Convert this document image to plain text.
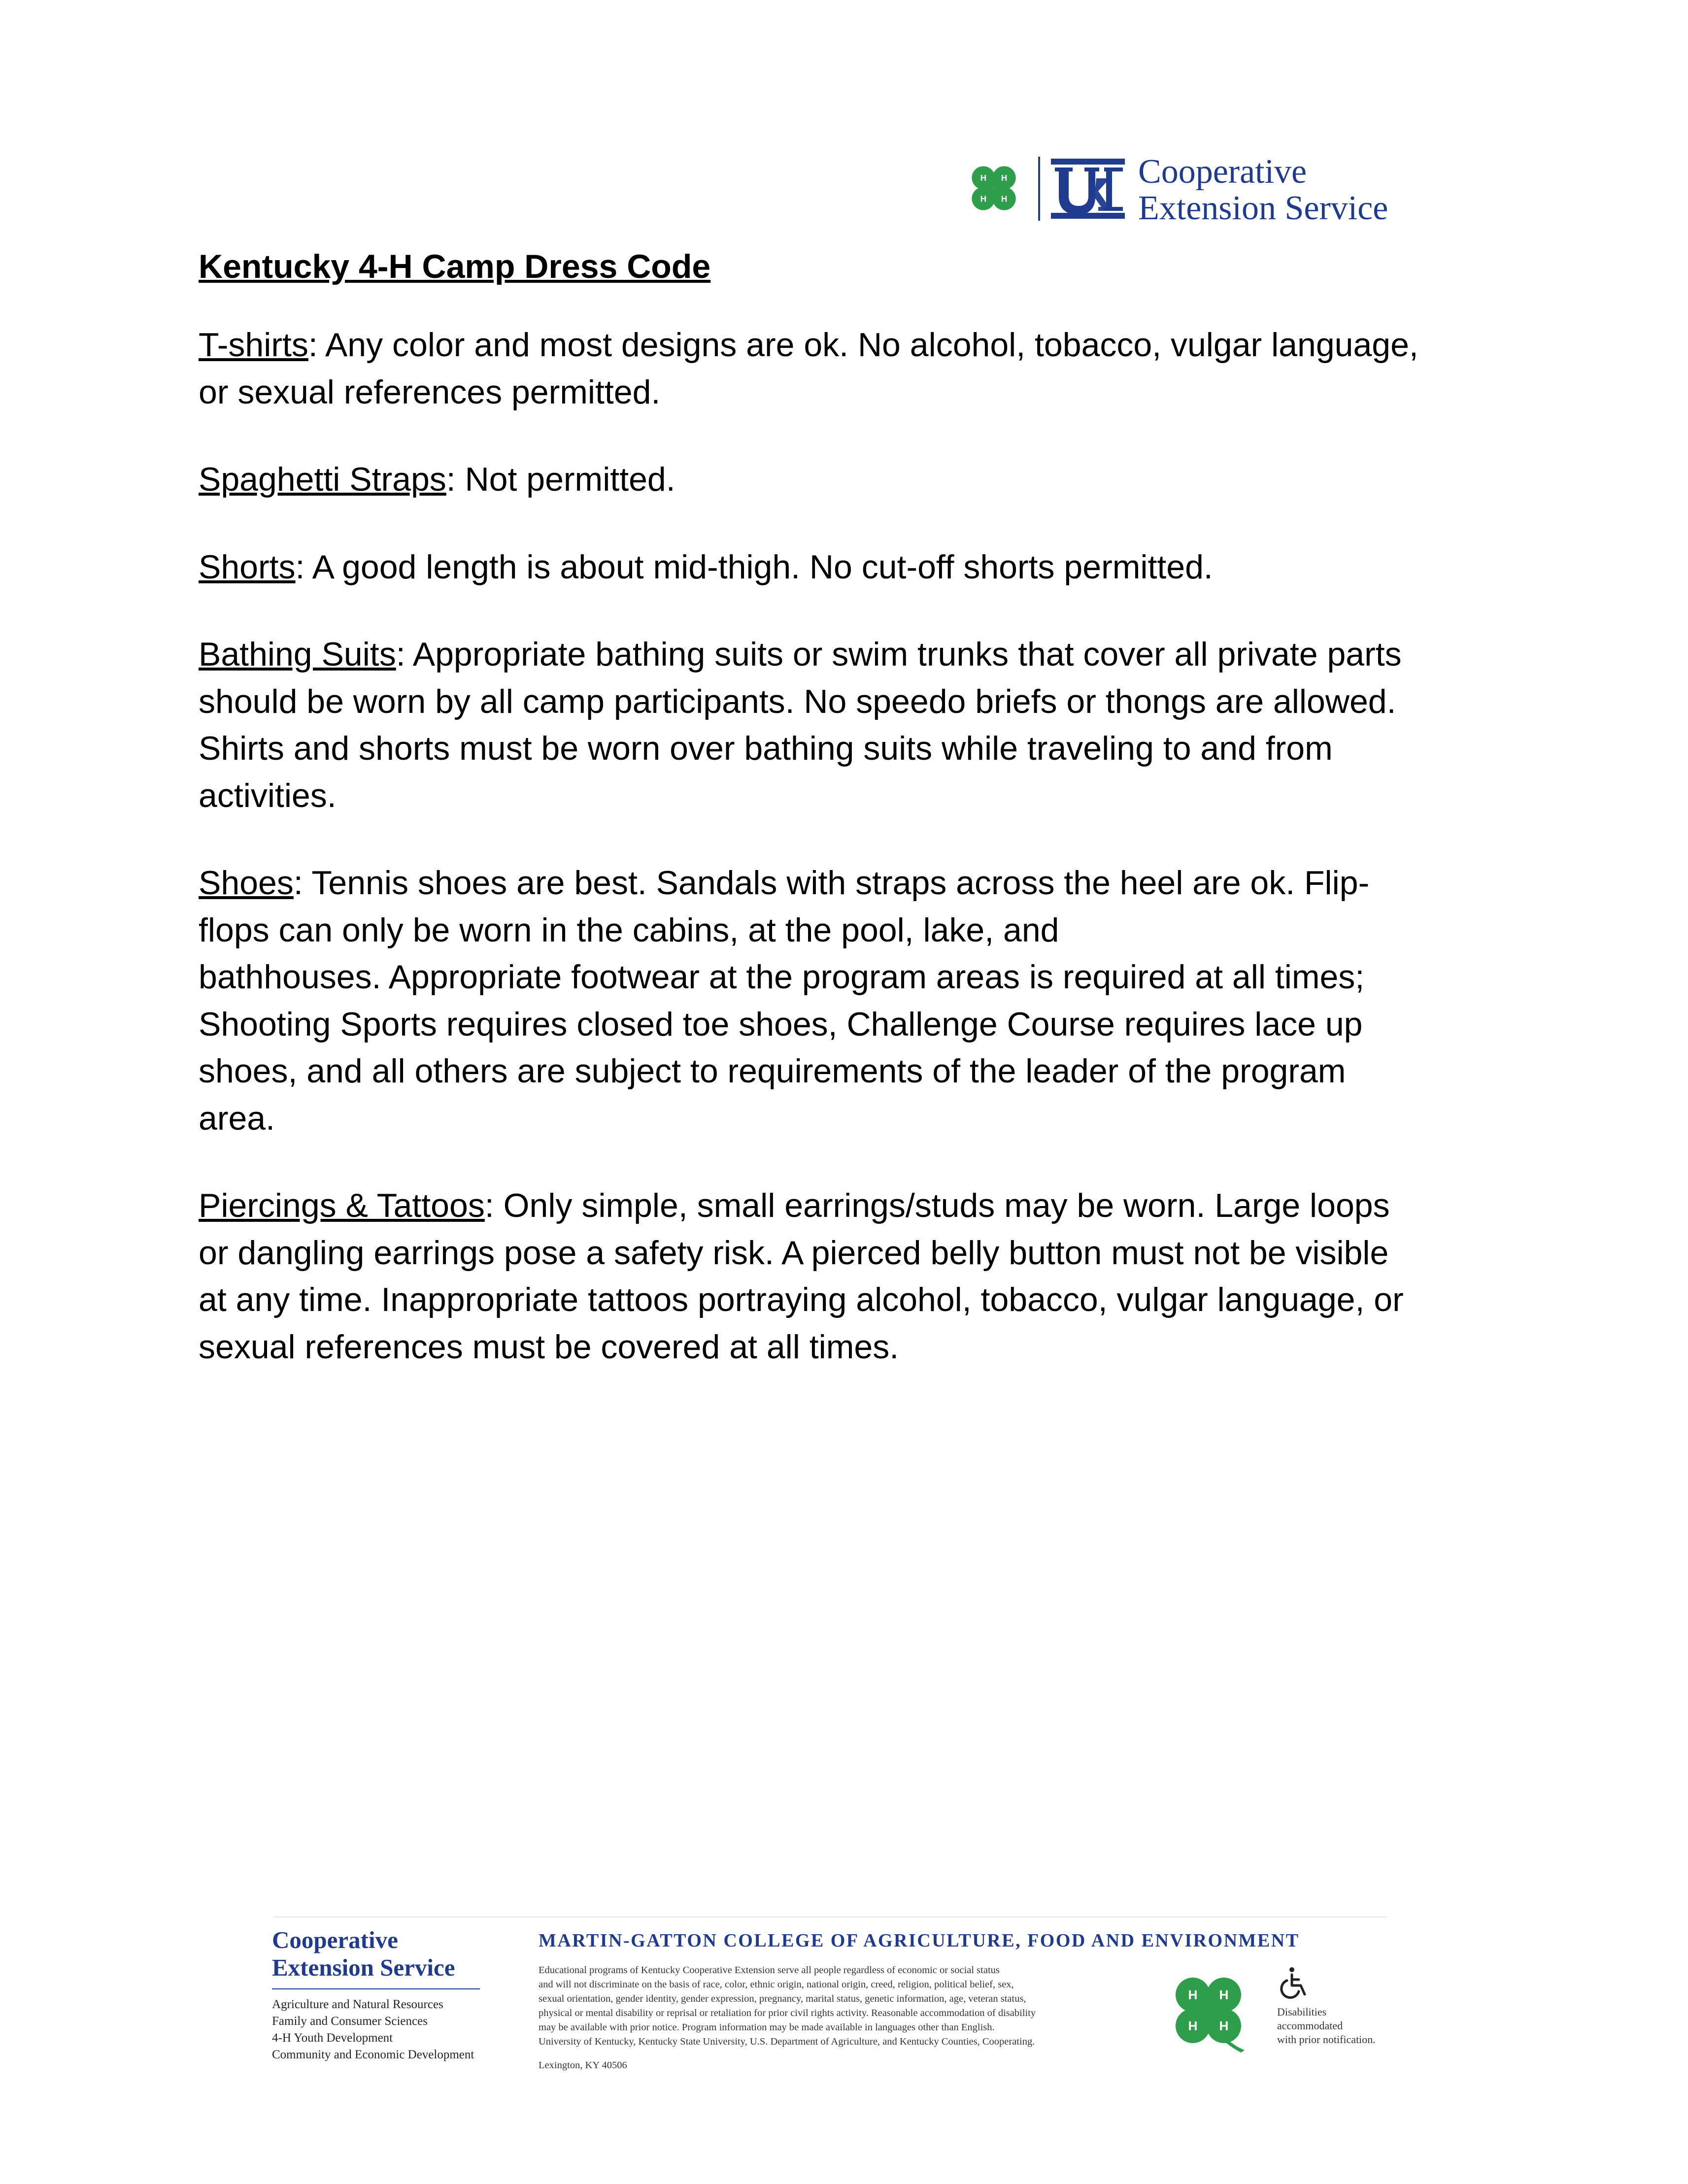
H H
H H
Cooperative
Extension Service
Kentucky 4-H Camp Dress Code
T-shirts: Any color and most designs are ok. No alcohol, tobacco, vulgar language,
or sexual references permitted.
Spaghetti Straps: Not permitted.
Shorts: A good length is about mid-thigh. No cut-off shorts permitted.
Bathing Suits: Appropriate bathing suits or swim trunks that cover all private parts
should be worn by all camp participants. No speedo briefs or thongs are allowed.
Shirts and shorts must be worn over bathing suits while traveling to and from
activities.
Shoes: Tennis shoes are best. Sandals with straps across the heel are ok. Flip-
flops can only be worn in the cabins, at the pool, lake, and
bathhouses. Appropriate footwear at the program areas is required at all times;
Shooting Sports requires closed toe shoes, Challenge Course requires lace up
shoes, and all others are subject to requirements of the leader of the program
area.
Piercings & Tattoos: Only simple, small earrings/studs may be worn. Large loops
or dangling earrings pose a safety risk. A pierced belly button must not be visible
at any time. Inappropriate tattoos portraying alcohol, tobacco, vulgar language, or
sexual references must be covered at all times.
Cooperative
Extension Service
Agriculture and Natural Resources
Family and Consumer Sciences
4-H Youth Development
Community and Economic Development
MARTIN-GATTON COLLEGE OF AGRICULTURE, FOOD AND ENVIRONMENT
Educational programs of Kentucky Cooperative Extension serve all people regardless of economic or social status
and will not discriminate on the basis of race, color, ethnic origin, national origin, creed, religion, political belief, sex,
sexual orientation, gender identity, gender expression, pregnancy, marital status, genetic information, age, veteran status,
physical or mental disability or reprisal or retaliation for prior civil rights activity. Reasonable accommodation of disability
may be available with prior notice. Program information may be made available in languages other than English.
University of Kentucky, Kentucky State University, U.S. Department of Agriculture, and Kentucky Counties, Cooperating.
Lexington, KY 40506
H	H
H	H
Disabilities
accommodated
with prior notification.
